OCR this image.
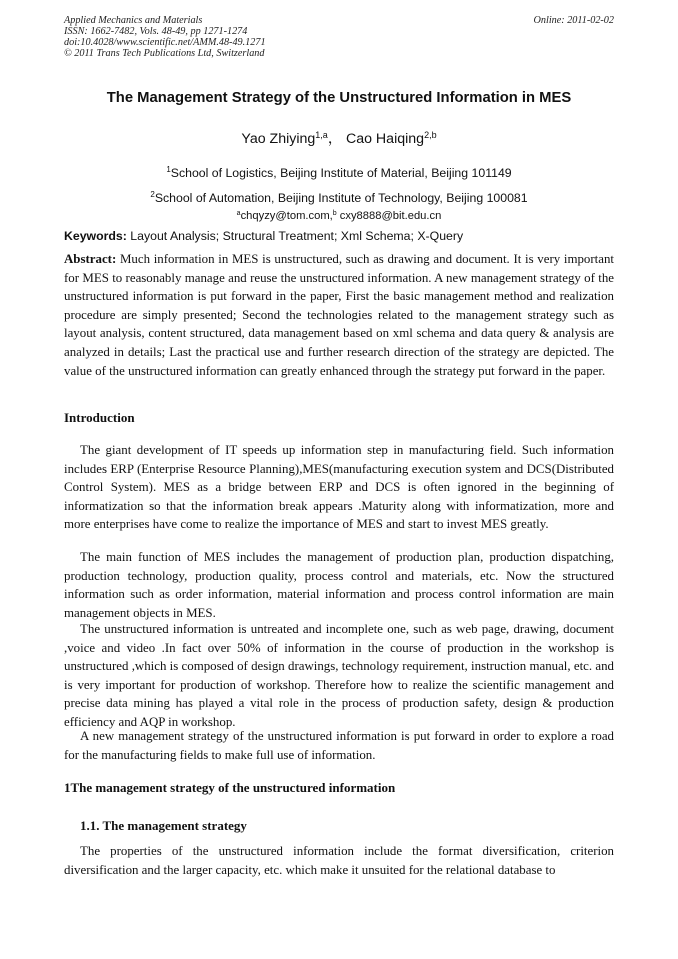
Applied Mechanics and Materials
ISSN: 1662-7482, Vols. 48-49, pp 1271-1274
doi:10.4028/www.scientific.net/AMM.48-49.1271
© 2011 Trans Tech Publications Ltd, Switzerland
Online: 2011-02-02
The Management Strategy of the Unstructured Information in MES
Yao Zhiying$^{1,a}$， Cao Haiqing$^{2,b}$
$^1$School of Logistics, Beijing Institute of Material, Beijing 101149
$^2$School of Automation, Beijing Institute of Technology, Beijing 100081
$^a$chqyzy@tom.com,$^b$ cxy8888@bit.edu.cn
Keywords: Layout Analysis; Structural Treatment; Xml Schema; X-Query
Abstract: Much information in MES is unstructured, such as drawing and document. It is very important for MES to reasonably manage and reuse the unstructured information. A new management strategy of the unstructured information is put forward in the paper, First the basic management method and realization procedure are simply presented; Second the technologies related to the management strategy such as layout analysis, content structured, data management based on xml schema and data query & analysis are analyzed in details; Last the practical use and further research direction of the strategy are depicted. The value of the unstructured information can greatly enhanced through the strategy put forward in the paper.
Introduction
The giant development of IT speeds up information step in manufacturing field. Such information includes ERP (Enterprise Resource Planning),MES(manufacturing execution system and DCS(Distributed Control System). MES as a bridge between ERP and DCS is often ignored in the beginning of informatization so that the information break appears .Maturity along with informatization, more and more enterprises have come to realize the importance of MES and start to invest MES greatly.
The main function of MES includes the management of production plan, production dispatching, production technology, production quality, process control and materials, etc. Now the structured information such as order information, material information and process control information are main management objects in MES.
The unstructured information is untreated and incomplete one, such as web page, drawing, document ,voice and video .In fact over 50% of information in the course of production in the workshop is unstructured ,which is composed of design drawings, technology requirement, instruction manual, etc. and is very important for production of workshop. Therefore how to realize the scientific management and precise data mining has played a vital role in the process of production safety, design & production efficiency and AQP in workshop.
A new management strategy of the unstructured information is put forward in order to explore a road for the manufacturing fields to make full use of information.
1The management strategy of the unstructured information
1.1. The management strategy
The properties of the unstructured information include the format diversification, criterion diversification and the larger capacity, etc. which make it unsuited for the relational database to
